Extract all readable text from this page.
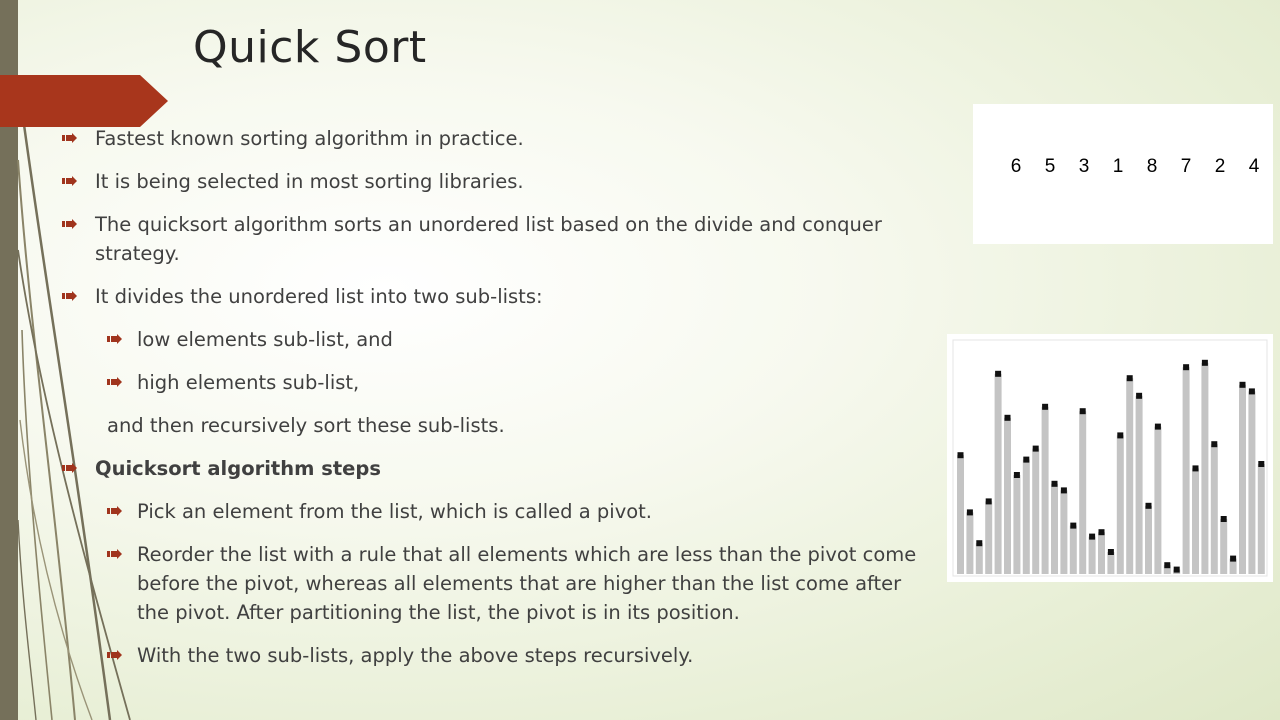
Quick Sort
Fastest known sorting algorithm in practice.
It is being selected in most sorting libraries.
The quicksort algorithm sorts an unordered list based on the divide and conquer strategy.
It divides the unordered list into two sub-lists:
low elements sub-list, and
high elements sub-list,
and then recursively sort these sub-lists.
Quicksort algorithm steps
Pick an element from the list, which is called a pivot.
Reorder the list with a rule that all elements which are less than the pivot come before the pivot, whereas all elements that are higher than the list come after the pivot. After partitioning the list, the pivot is in its position.
With the two sub-lists, apply the above steps recursively.
6	5	3	1	8	7	2	4
